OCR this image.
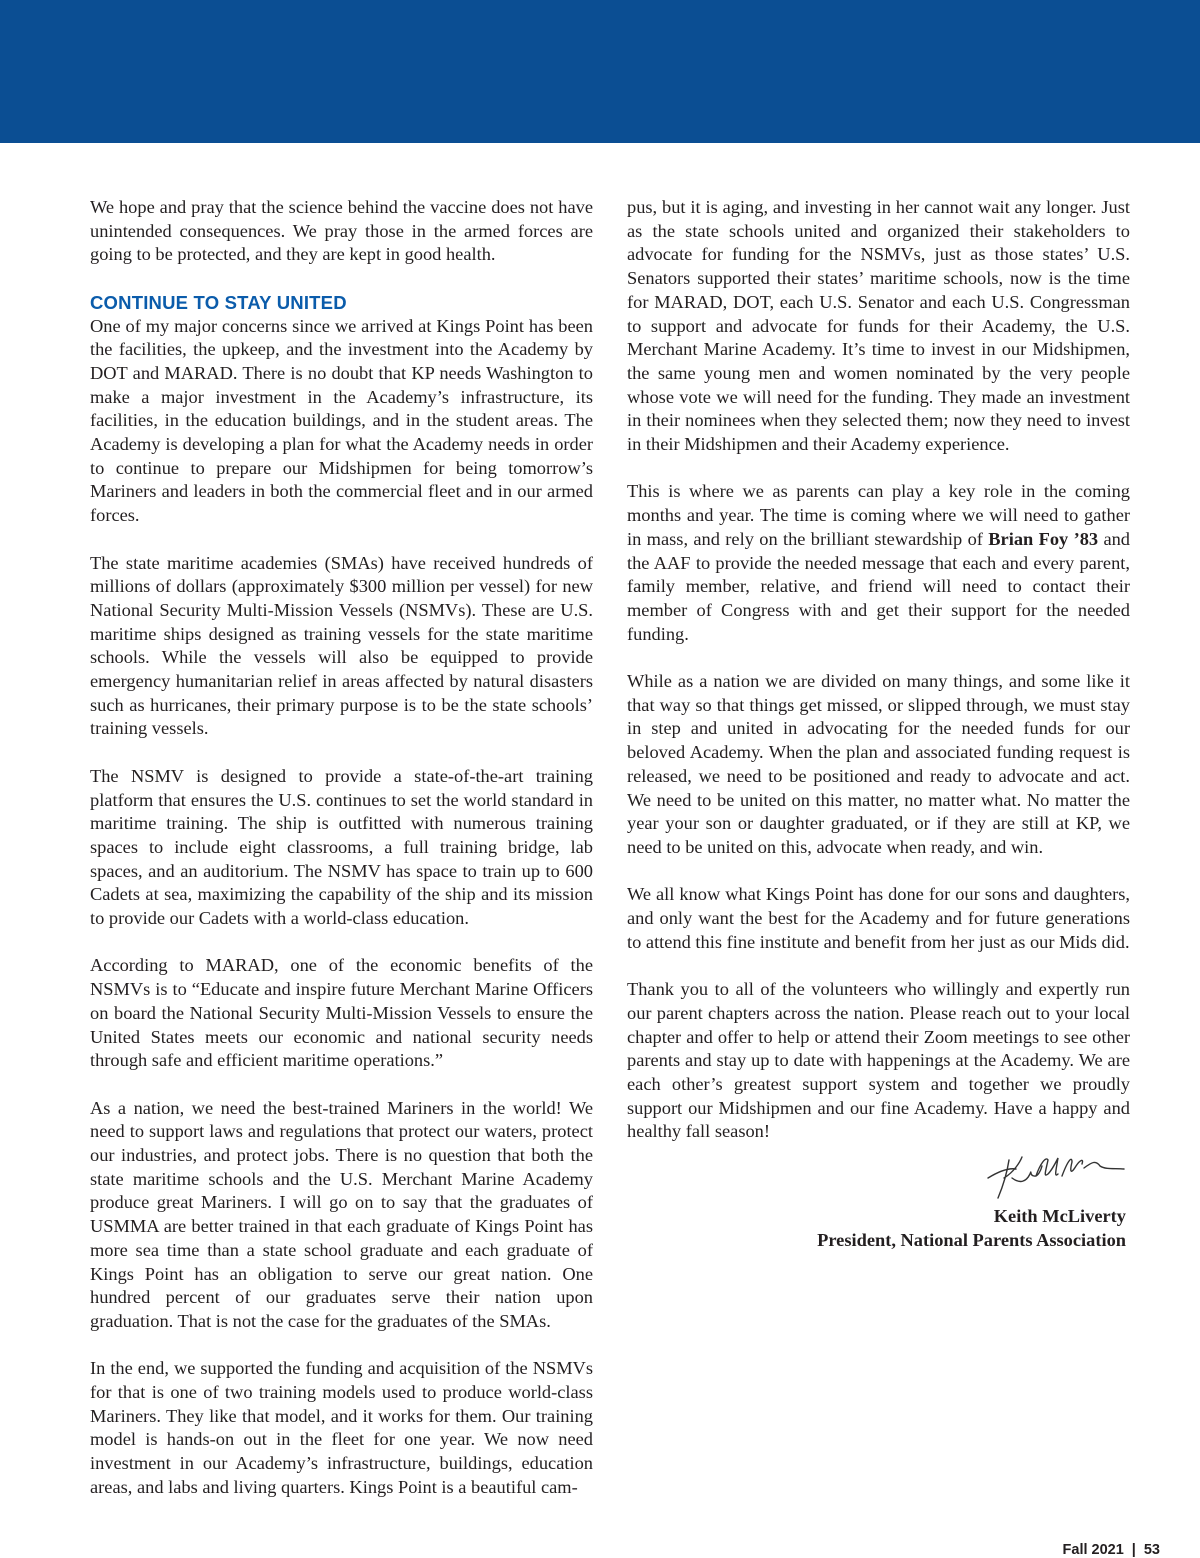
We hope and pray that the science behind the vaccine does not have unintended consequences. We pray those in the armed forces are going to be protected, and they are kept in good health.

CONTINUE TO STAY UNITED

One of my major concerns since we arrived at Kings Point has been the facilities, the upkeep, and the investment into the Academy by DOT and MARAD. There is no doubt that KP needs Washington to make a major investment in the Academy’s infrastructure, its facilities, in the education buildings, and in the student areas. The Academy is developing a plan for what the Academy needs in order to continue to prepare our Midshipmen for being tomorrow’s Mariners and leaders in both the commercial fleet and in our armed forces.

The state maritime academies (SMAs) have received hundreds of millions of dollars (approximately $300 million per vessel) for new National Security Multi-Mission Vessels (NSMVs). These are U.S. maritime ships designed as training vessels for the state maritime schools. While the vessels will also be equipped to provide emergency humanitarian relief in areas affected by natural disasters such as hurricanes, their primary purpose is to be the state schools’ training vessels.

The NSMV is designed to provide a state-of-the-art training platform that ensures the U.S. continues to set the world standard in maritime training. The ship is outfitted with numerous training spaces to include eight classrooms, a full training bridge, lab spaces, and an auditorium. The NSMV has space to train up to 600 Cadets at sea, maximizing the capability of the ship and its mission to provide our Cadets with a world-class education.

According to MARAD, one of the economic benefits of the NSMVs is to “Educate and inspire future Merchant Marine Officers on board the National Security Multi-Mission Vessels to ensure the United States meets our economic and national security needs through safe and efficient maritime operations.”

As a nation, we need the best-trained Mariners in the world! We need to support laws and regulations that protect our waters, protect our industries, and protect jobs. There is no question that both the state maritime schools and the U.S. Merchant Marine Academy produce great Mariners. I will go on to say that the graduates of USMMA are better trained in that each graduate of Kings Point has more sea time than a state school graduate and each graduate of Kings Point has an obligation to serve our great nation. One hundred percent of our graduates serve their nation upon graduation. That is not the case for the graduates of the SMAs.

In the end, we supported the funding and acquisition of the NSMVs for that is one of two training models used to produce world-class Mariners. They like that model, and it works for them. Our training model is hands-on out in the fleet for one year. We now need investment in our Academy’s infrastructure, buildings, education areas, and labs and living quarters. Kings Point is a beautiful cam-

pus, but it is aging, and investing in her cannot wait any longer. Just as the state schools united and organized their stakeholders to advocate for funding for the NSMVs, just as those states’ U.S. Senators supported their states’ maritime schools, now is the time for MARAD, DOT, each U.S. Senator and each U.S. Congressman to support and advocate for funds for their Academy, the U.S. Merchant Marine Academy. It’s time to invest in our Midshipmen, the same young men and women nominated by the very people whose vote we will need for the funding. They made an investment in their nominees when they selected them; now they need to invest in their Midshipmen and their Academy experience.

This is where we as parents can play a key role in the coming months and year. The time is coming where we will need to gather in mass, and rely on the brilliant stewardship of Brian Foy ’83 and the AAF to provide the needed message that each and every parent, family member, relative, and friend will need to contact their member of Congress with and get their support for the needed funding.

While as a nation we are divided on many things, and some like it that way so that things get missed, or slipped through, we must stay in step and united in advocating for the needed funds for our beloved Academy. When the plan and associated funding request is released, we need to be positioned and ready to advocate and act. We need to be united on this matter, no matter what. No matter the year your son or daughter graduated, or if they are still at KP, we need to be united on this, advocate when ready, and win.

We all know what Kings Point has done for our sons and daughters, and only want the best for the Academy and for future generations to attend this fine institute and benefit from her just as our Mids did.

Thank you to all of the volunteers who willingly and expertly run our parent chapters across the nation. Please reach out to your local chapter and offer to help or attend their Zoom meetings to see other parents and stay up to date with happenings at the Academy. We are each other’s greatest support system and together we proudly support our Midshipmen and our fine Academy. Have a happy and healthy fall season!

Keith McLiverty
President, National Parents Association
Fall 2021 | 53
